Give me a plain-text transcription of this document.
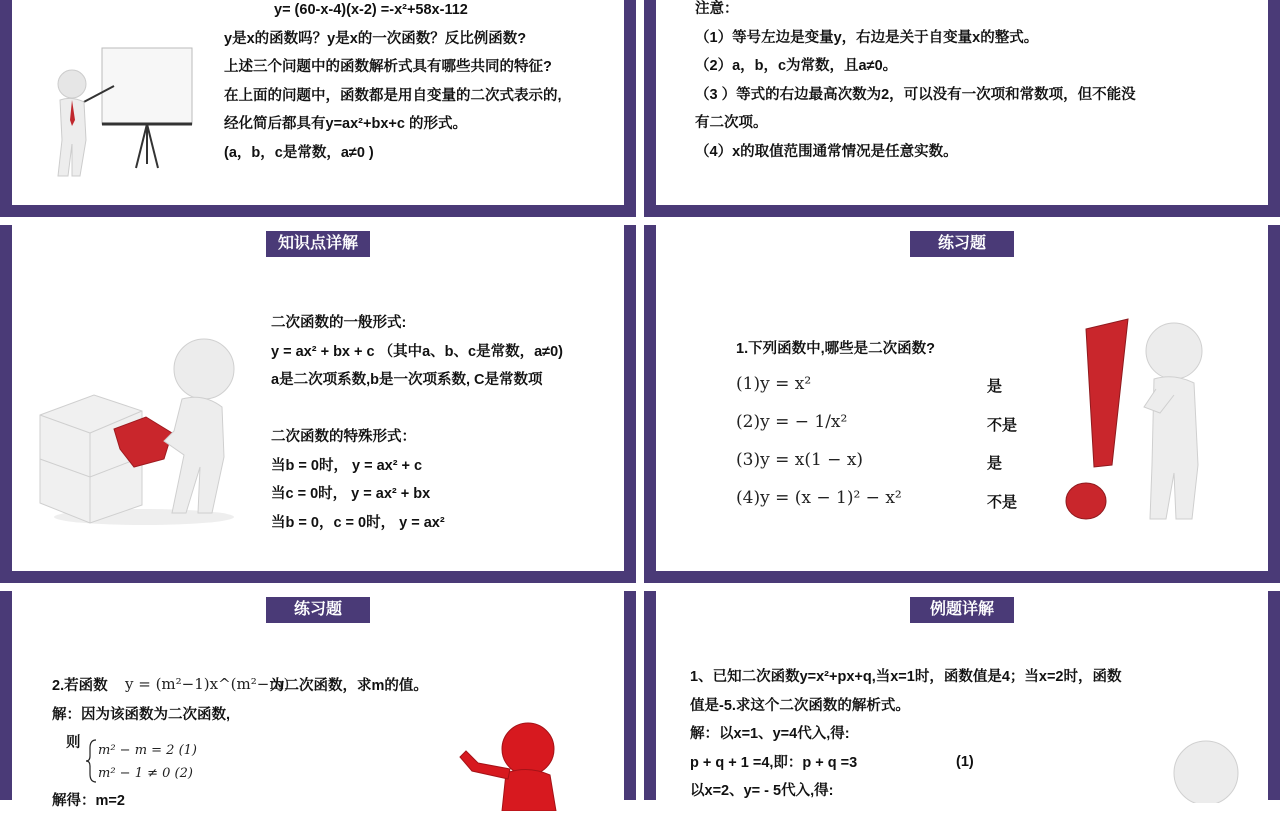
y= (60-x-4)(x-2) =-x²+58x-112
y是x的函数吗？y是x的一次函数？反比例函数?
上述三个问题中的函数解析式具有哪些共同的特征?
在上面的问题中，函数都是用自变量的二次式表示的,
经化简后都具有y=ax²+bx+c 的形式。
(a，b，c是常数，a≠0 )
注意：
（1）等号左边是变量y，右边是关于自变量x的整式。
（2）a，b，c为常数，且a≠0。
（3 ）等式的右边最高次数为2，可以没有一次项和常数项，但不能没
有二次项。
（4）x的取值范围通常情况是任意实数。
二次函数的一般形式:
y = ax² + bx + c （其中a、b、c是常数，a≠0)
a是二次项系数,b是一次项系数, C是常数项
二次函数的特殊形式：
当b = 0时， y = ax² + c
当c = 0时， y = ax² + bx
当b = 0，c = 0时， y = ax²
知识点详解
1.下列函数中,哪些是二次函数?
(1)y = x²
(2)y = − 1/x²
(3)y = x(1 − x)
(4)y = (x − 1)² − x²
是
不是
是
不是
练习题
2.若函数 y = (m²−1)x^(m²−m)
为二次函数，求m的值。
解：因为该函数为二次函数,
则 m² − m = 2 (1)
m² − 1 ≠ 0 (2)
解得：m=2
练习题
1、已知二次函数y=x²+px+q,当x=1时，函数值是4；当x=2时，函数
值是-5.求这个二次函数的解析式。
解：以x=1、y=4代入,得:
p + q + 1 =4,即：p + q =3
以x=2、y= - 5代入,得:
(1)
例题详解
